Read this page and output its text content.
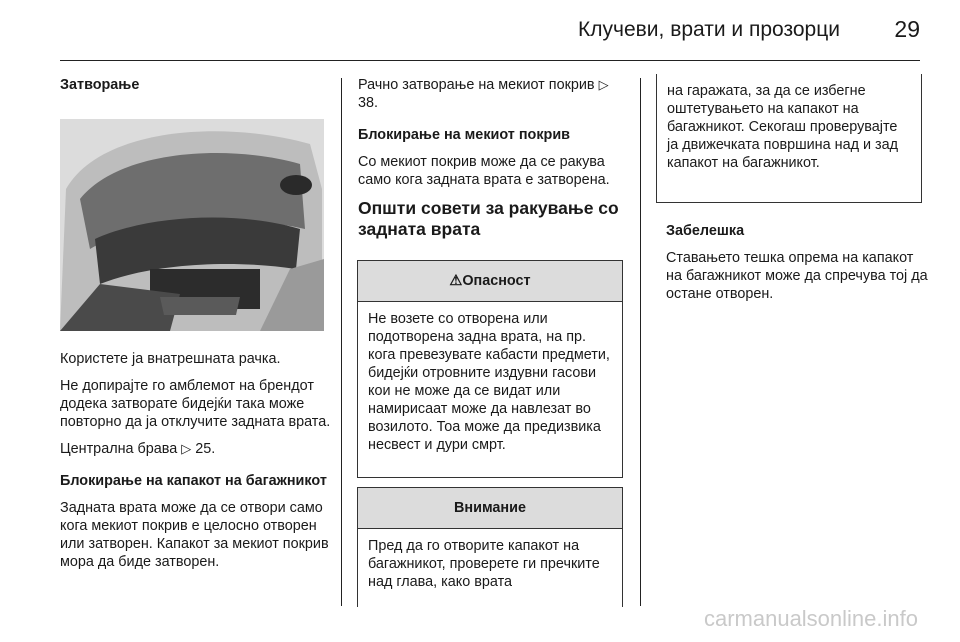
Клучеви, врати и прозорци 29

Затворање

Користете ја внатрешната рачка.

Не допирајте го амблемот на брендот додека затворате бидејќи така може повторно да ја отклучите задната врата.

Централна брава ▷ 25.

Блокирање на капакот на багажникот

Задната врата може да се отвори само кога мекиот покрив е целосно отворен или затворен. Капакот за мекиот покрив мора да биде затворен.

Рачно затворање на мекиот покрив ▷ 38.

Блокирање на мекиот покрив

Со мекиот покрив може да се ракува само кога задната врата е затворена.

Општи совети за ракување со задната врата

⚠Опасност
Не возете со отворена или подотворена задна врата, на пр. кога превезувате кабасти предмети, бидејќи отровните издувни гасови кои не може да се видат или намирисаат може да навлезат во возилото. Тоа може да предизвика несвест и дури смрт.
Внимание
Пред да го отворите капакот на багажникот, проверете ги пречките над глава, како врата
на гаражата, за да се избегне оштетувањето на капакот на багажникот. Секогаш проверувајте ја движечката површина над и зад капакот на багажникот.

Забелешка

Ставањето тешка опрема на капакот на багажникот може да спречува тој да остане отворен.

carmanualsonline.info
